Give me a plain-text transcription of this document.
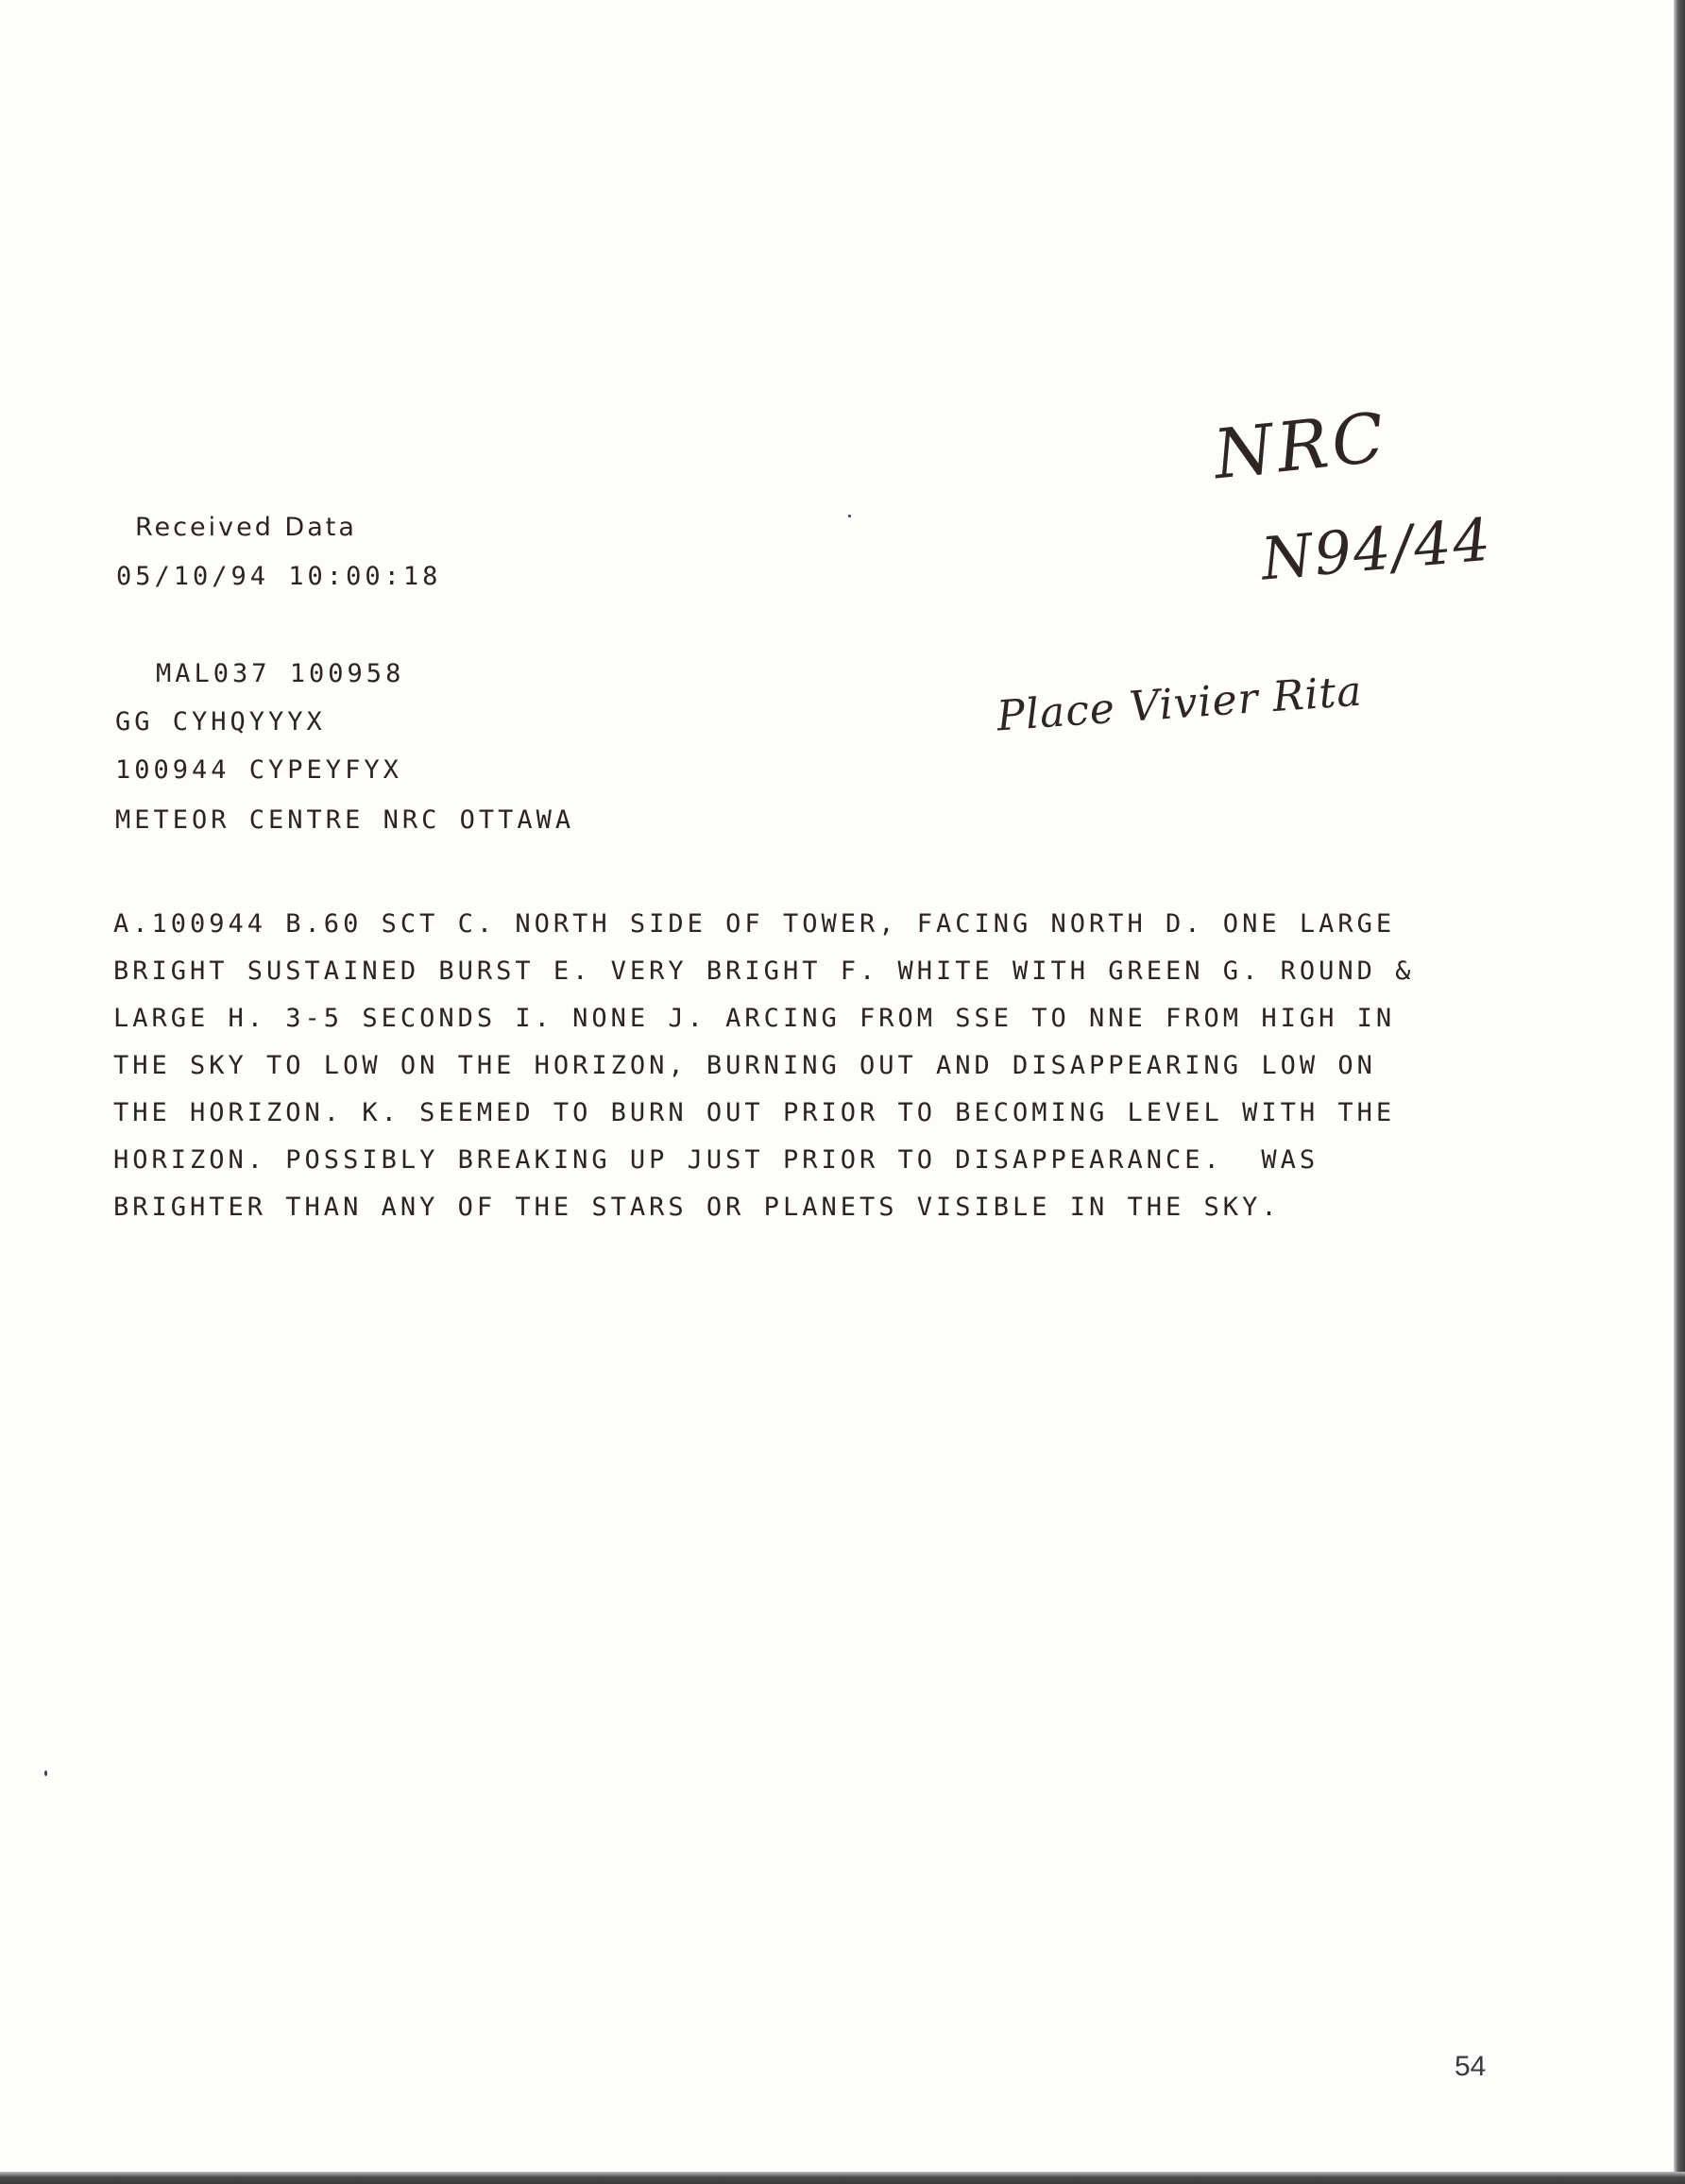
Received Data
05/10/94 10:00:18
MAL037 100958
GG CYHQYYYX
100944 CYPEYFYX
METEOR CENTRE NRC OTTAWA
A.100944 B.60 SCT C. NORTH SIDE OF TOWER, FACING NORTH D. ONE LARGE
BRIGHT SUSTAINED BURST E. VERY BRIGHT F. WHITE WITH GREEN G. ROUND &
LARGE H. 3-5 SECONDS I. NONE J. ARCING FROM SSE TO NNE FROM HIGH IN
THE SKY TO LOW ON THE HORIZON, BURNING OUT AND DISAPPEARING LOW ON
THE HORIZON. K. SEEMED TO BURN OUT PRIOR TO BECOMING LEVEL WITH THE
HORIZON. POSSIBLY BREAKING UP JUST PRIOR TO DISAPPEARANCE.  WAS
BRIGHTER THAN ANY OF THE STARS OR PLANETS VISIBLE IN THE SKY.
NRC
N94/44
Place Vivier Rita
54
